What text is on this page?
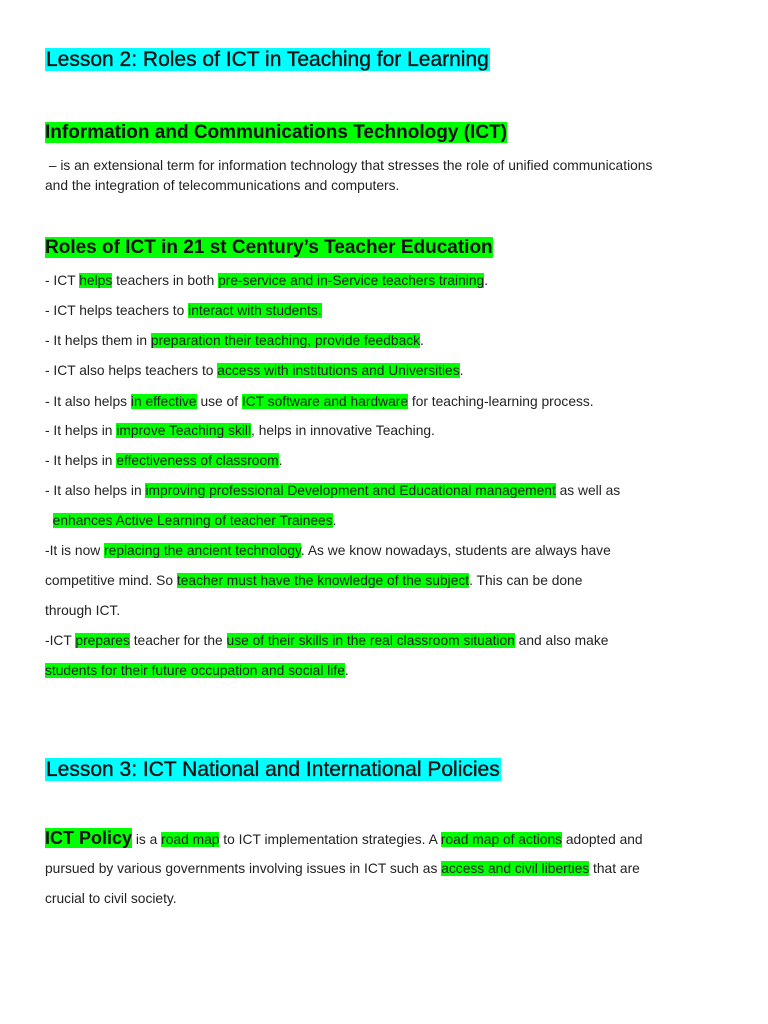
Lesson 2: Roles of ICT in Teaching for Learning
Information and Communications Technology (ICT)
– is an extensional term for information technology that stresses the role of unified communications
and the integration of telecommunications and computers.
Roles of ICT in 21 st Century’s Teacher Education
- ICT helps teachers in both pre-service and in-Service teachers training.
- ICT helps teachers to interact with students.
- It helps them in preparation their teaching, provide feedback.
- ICT also helps teachers to access with institutions and Universities.
- It also helps in effective use of ICT software and hardware for teaching-learning process.
- It helps in improve Teaching skill, helps in innovative Teaching.
- It helps in effectiveness of classroom.
- It also helps in improving professional Development and Educational management as well as
enhances Active Learning of teacher Trainees.
-It is now replacing the ancient technology. As we know nowadays, students are always have
competitive mind. So teacher must have the knowledge of the subject. This can be done
through ICT.
-ICT prepares teacher for the use of their skills in the real classroom situation and also make
students for their future occupation and social life.
Lesson 3: ICT National and International Policies
ICT Policy is a road map to ICT implementation strategies. A road map of actions adopted and
pursued by various governments involving issues in ICT such as access and civil liberties that are
crucial to civil society.
